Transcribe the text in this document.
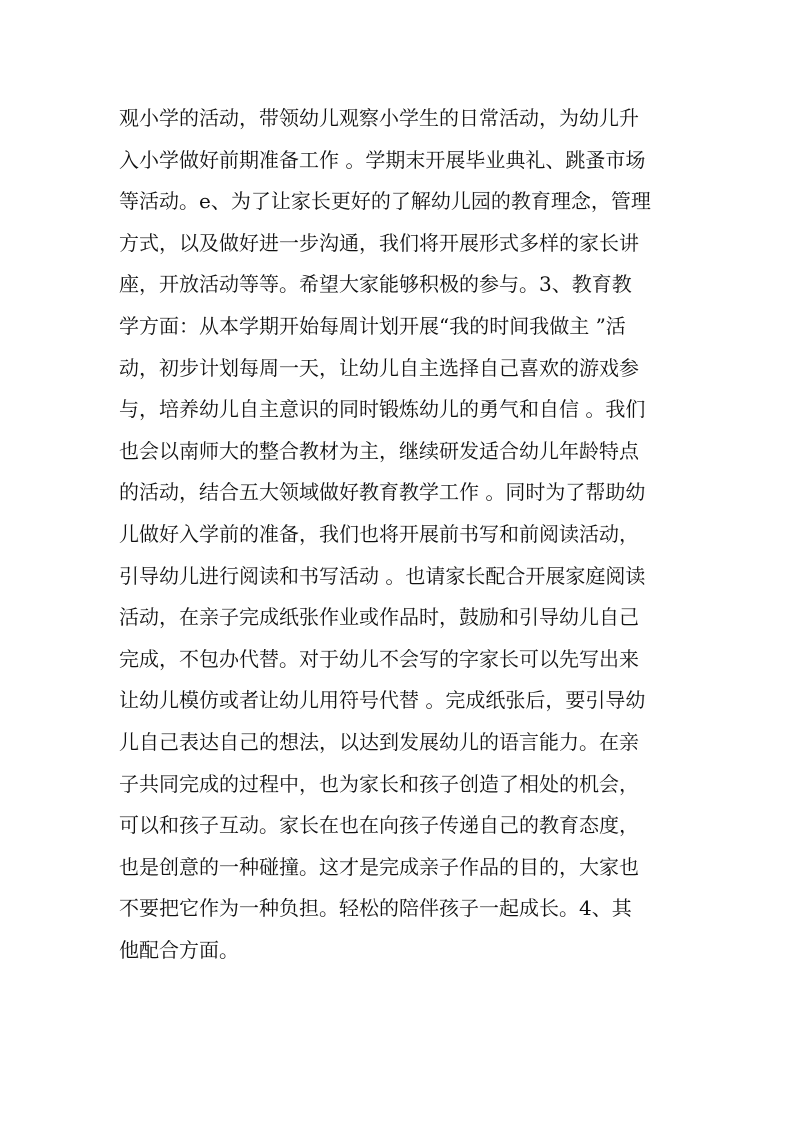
观小学的活动，带领幼儿观察小学生的日常活动，为幼儿升
入小学做好前期准备工作 。学期末开展毕业典礼、跳蚤市场
等活动。e、为了让家长更好的了解幼儿园的教育理念，管理
方式，以及做好进一步沟通，我们将开展形式多样的家长讲
座，开放活动等等。希望大家能够积极的参与。3、教育教
学方面：从本学期开始每周计划开展“我的时间我做主 ”活
动，初步计划每周一天，让幼儿自主选择自己喜欢的游戏参
与，培养幼儿自主意识的同时锻炼幼儿的勇气和自信 。我们
也会以南师大的整合教材为主，继续研发适合幼儿年龄特点
的活动，结合五大领域做好教育教学工作 。同时为了帮助幼
儿做好入学前的准备，我们也将开展前书写和前阅读活动，
引导幼儿进行阅读和书写活动 。也请家长配合开展家庭阅读
活动，在亲子完成纸张作业或作品时，鼓励和引导幼儿自己
完成，不包办代替。对于幼儿不会写的字家长可以先写出来
让幼儿模仿或者让幼儿用符号代替 。完成纸张后，要引导幼
儿自己表达自己的想法，以达到发展幼儿的语言能力。在亲
子共同完成的过程中，也为家长和孩子创造了相处的机会，
可以和孩子互动。家长在也在向孩子传递自己的教育态度，
也是创意的一种碰撞。这才是完成亲子作品的目的，大家也
不要把它作为一种负担。轻松的陪伴孩子一起成长。4、其
他配合方面。
